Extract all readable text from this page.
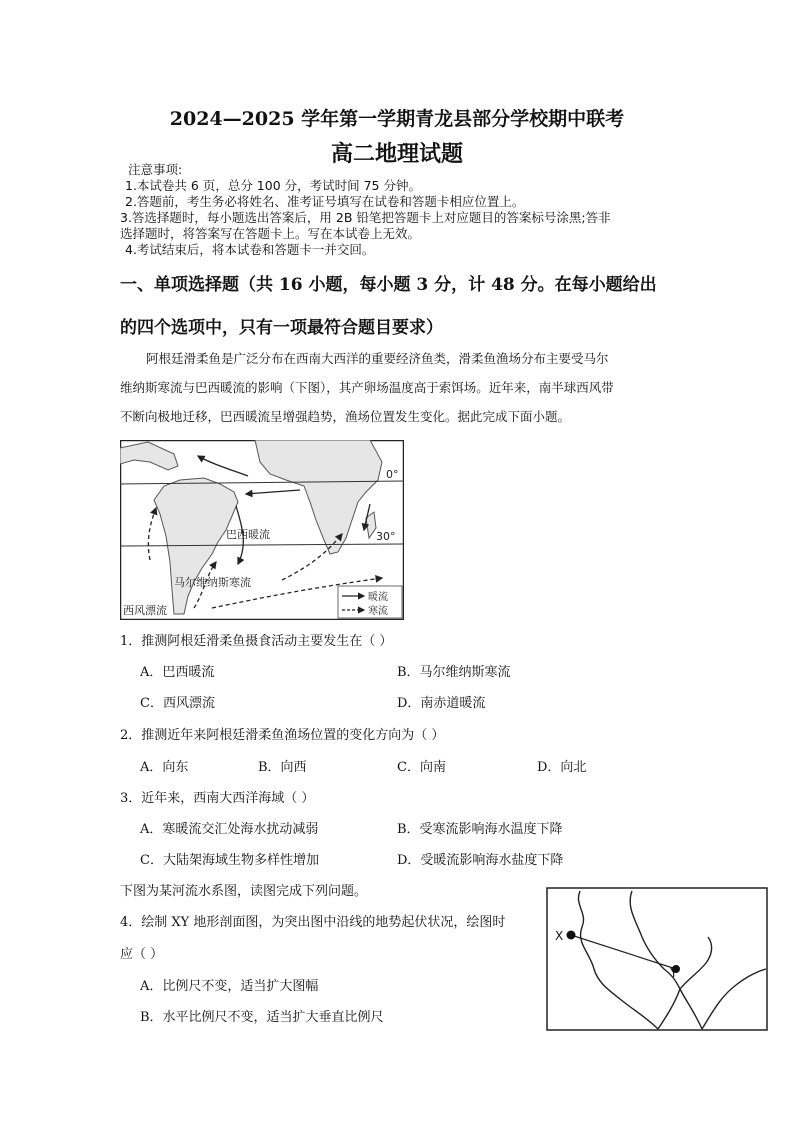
2024—2025 学年第一学期青龙县部分学校期中联考
高二地理试题
注意事项:
1.本试卷共 6 页，总分 100 分，考试时间 75 分钟。
2.答题前，考生务必将姓名、准考证号填写在试卷和答题卡相应位置上。
3.答选择题时，每小题选出答案后，用 2B 铅笔把答题卡上对应题目的答案标号涂黑;答非
选择题时，将答案写在答题卡上。写在本试卷上无效。
4.考试结束后，将本试卷和答题卡一并交回。
一、单项选择题（共 16 小题，每小题 3 分，计 48 分。在每小题给出
的四个选项中，只有一项最符合题目要求）
阿根廷滑柔鱼是广泛分布在西南大西洋的重要经济鱼类，滑柔鱼渔场分布主要受马尔
维纳斯寒流与巴西暖流的影响（下图），其产卵场温度高于索饵场。近年来，南半球西风带
不断向极地迁移，巴西暖流呈增强趋势，渔场位置发生变化。据此完成下面小题。
0°
30°
巴西暖流
马尔维纳斯寒流
西风漂流
暖流
寒流
1．推测阿根廷滑柔鱼摄食活动主要发生在（ ）
A．巴西暖流	B．马尔维纳斯寒流
C．西风漂流	D．南赤道暖流
2．推测近年来阿根廷滑柔鱼渔场位置的变化方向为（ ）
A．向东	B．向西	C．向南	D．向北
3．近年来，西南大西洋海域（ ）
A．寒暖流交汇处海水扰动减弱	B．受寒流影响海水温度下降
C．大陆架海域生物多样性增加	D．受暖流影响海水盐度下降
下图为某河流水系图，读图完成下列问题。
4．绘制 XY 地形剖面图，为突出图中沿线的地势起伏状况，绘图时
应（ ）
A．比例尺不变，适当扩大图幅
B．水平比例尺不变，适当扩大垂直比例尺
X
Y
